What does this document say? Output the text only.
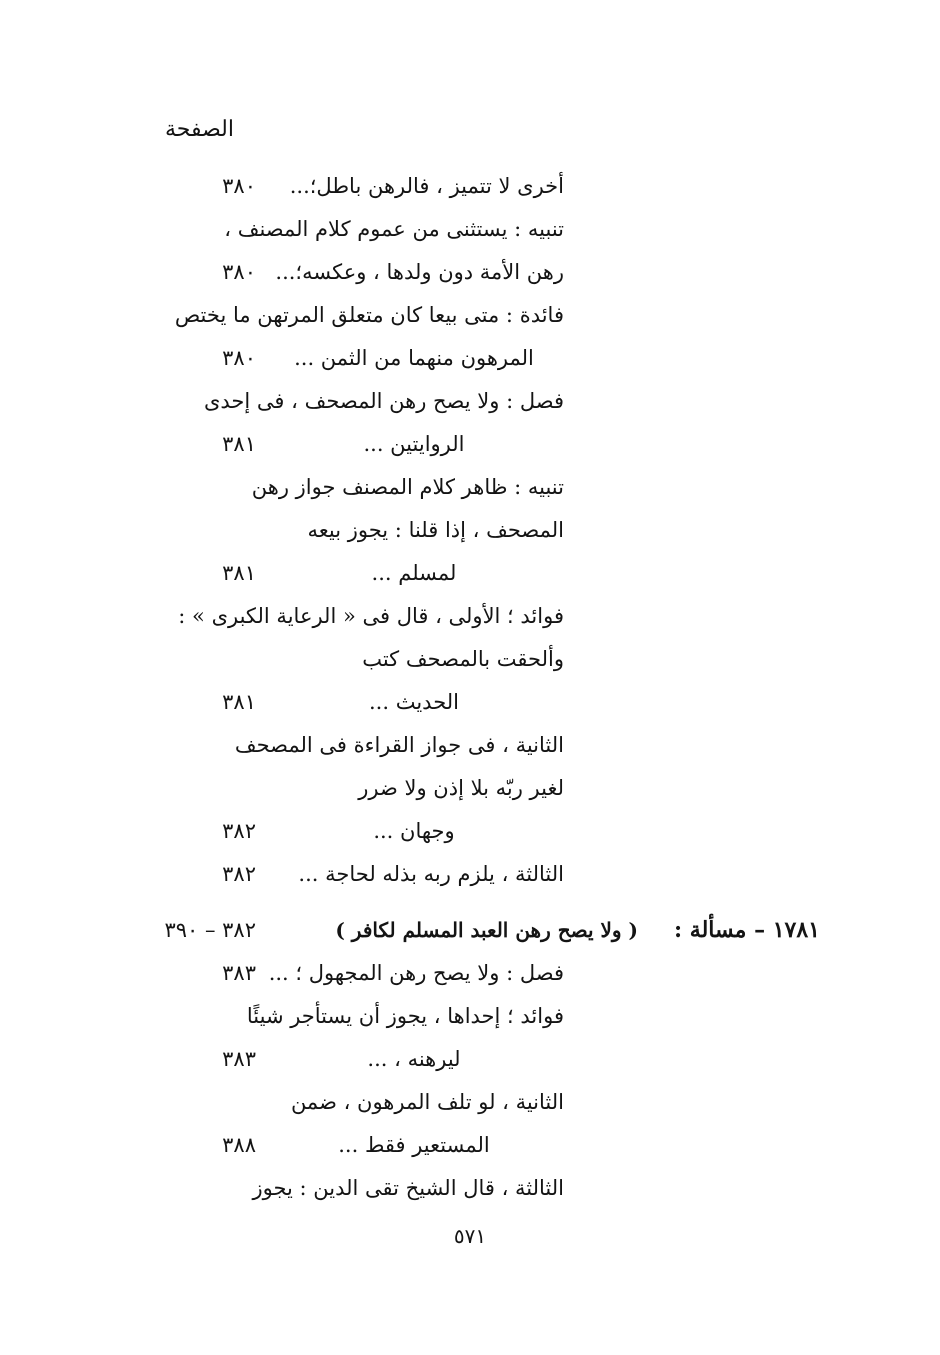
الصفحة
أخرى لا تتميز ، فالرهن باطل؛...
٣٨٠
تنبيه : يستثنى من عموم كلام المصنف ،
رهن الأمة دون ولدها ، وعكسه؛...
٣٨٠
فائدة : متى بيعا كان متعلق المرتهن ما يختص
المرهون منهما من الثمن ...
٣٨٠
فصل : ولا يصح رهن المصحف ، فى إحدى
الروايتين ...
٣٨١
تنبيه : ظاهر كلام المصنف جواز رهن
المصحف ، إذا قلنا : يجوز بيعه
لمسلم ...
٣٨١
فوائد ؛ الأولى ، قال فى « الرعاية الكبرى » :
وألحقت بالمصحف كتب
الحديث ...
٣٨١
الثانية ، فى جواز القراءة فى المصحف
لغير ربّه بلا إذن ولا ضرر
وجهان ...
٣٨٢
الثالثة ، يلزم ربه بذله لحاجة ...
٣٨٢
١٧٨١ – مسألة :
( ولا يصح رهن العبد المسلم لكافر )
٣٨٢ – ٣٩٠
فصل : ولا يصح رهن المجهول ؛ ...
٣٨٣
فوائد ؛ إحداها ، يجوز أن يستأجر شيئًا
ليرهنه ، ...
٣٨٣
الثانية ، لو تلف المرهون ، ضمن
المستعير فقط ...
٣٨٨
الثالثة ، قال الشيخ تقى الدين : يجوز
٥٧١
